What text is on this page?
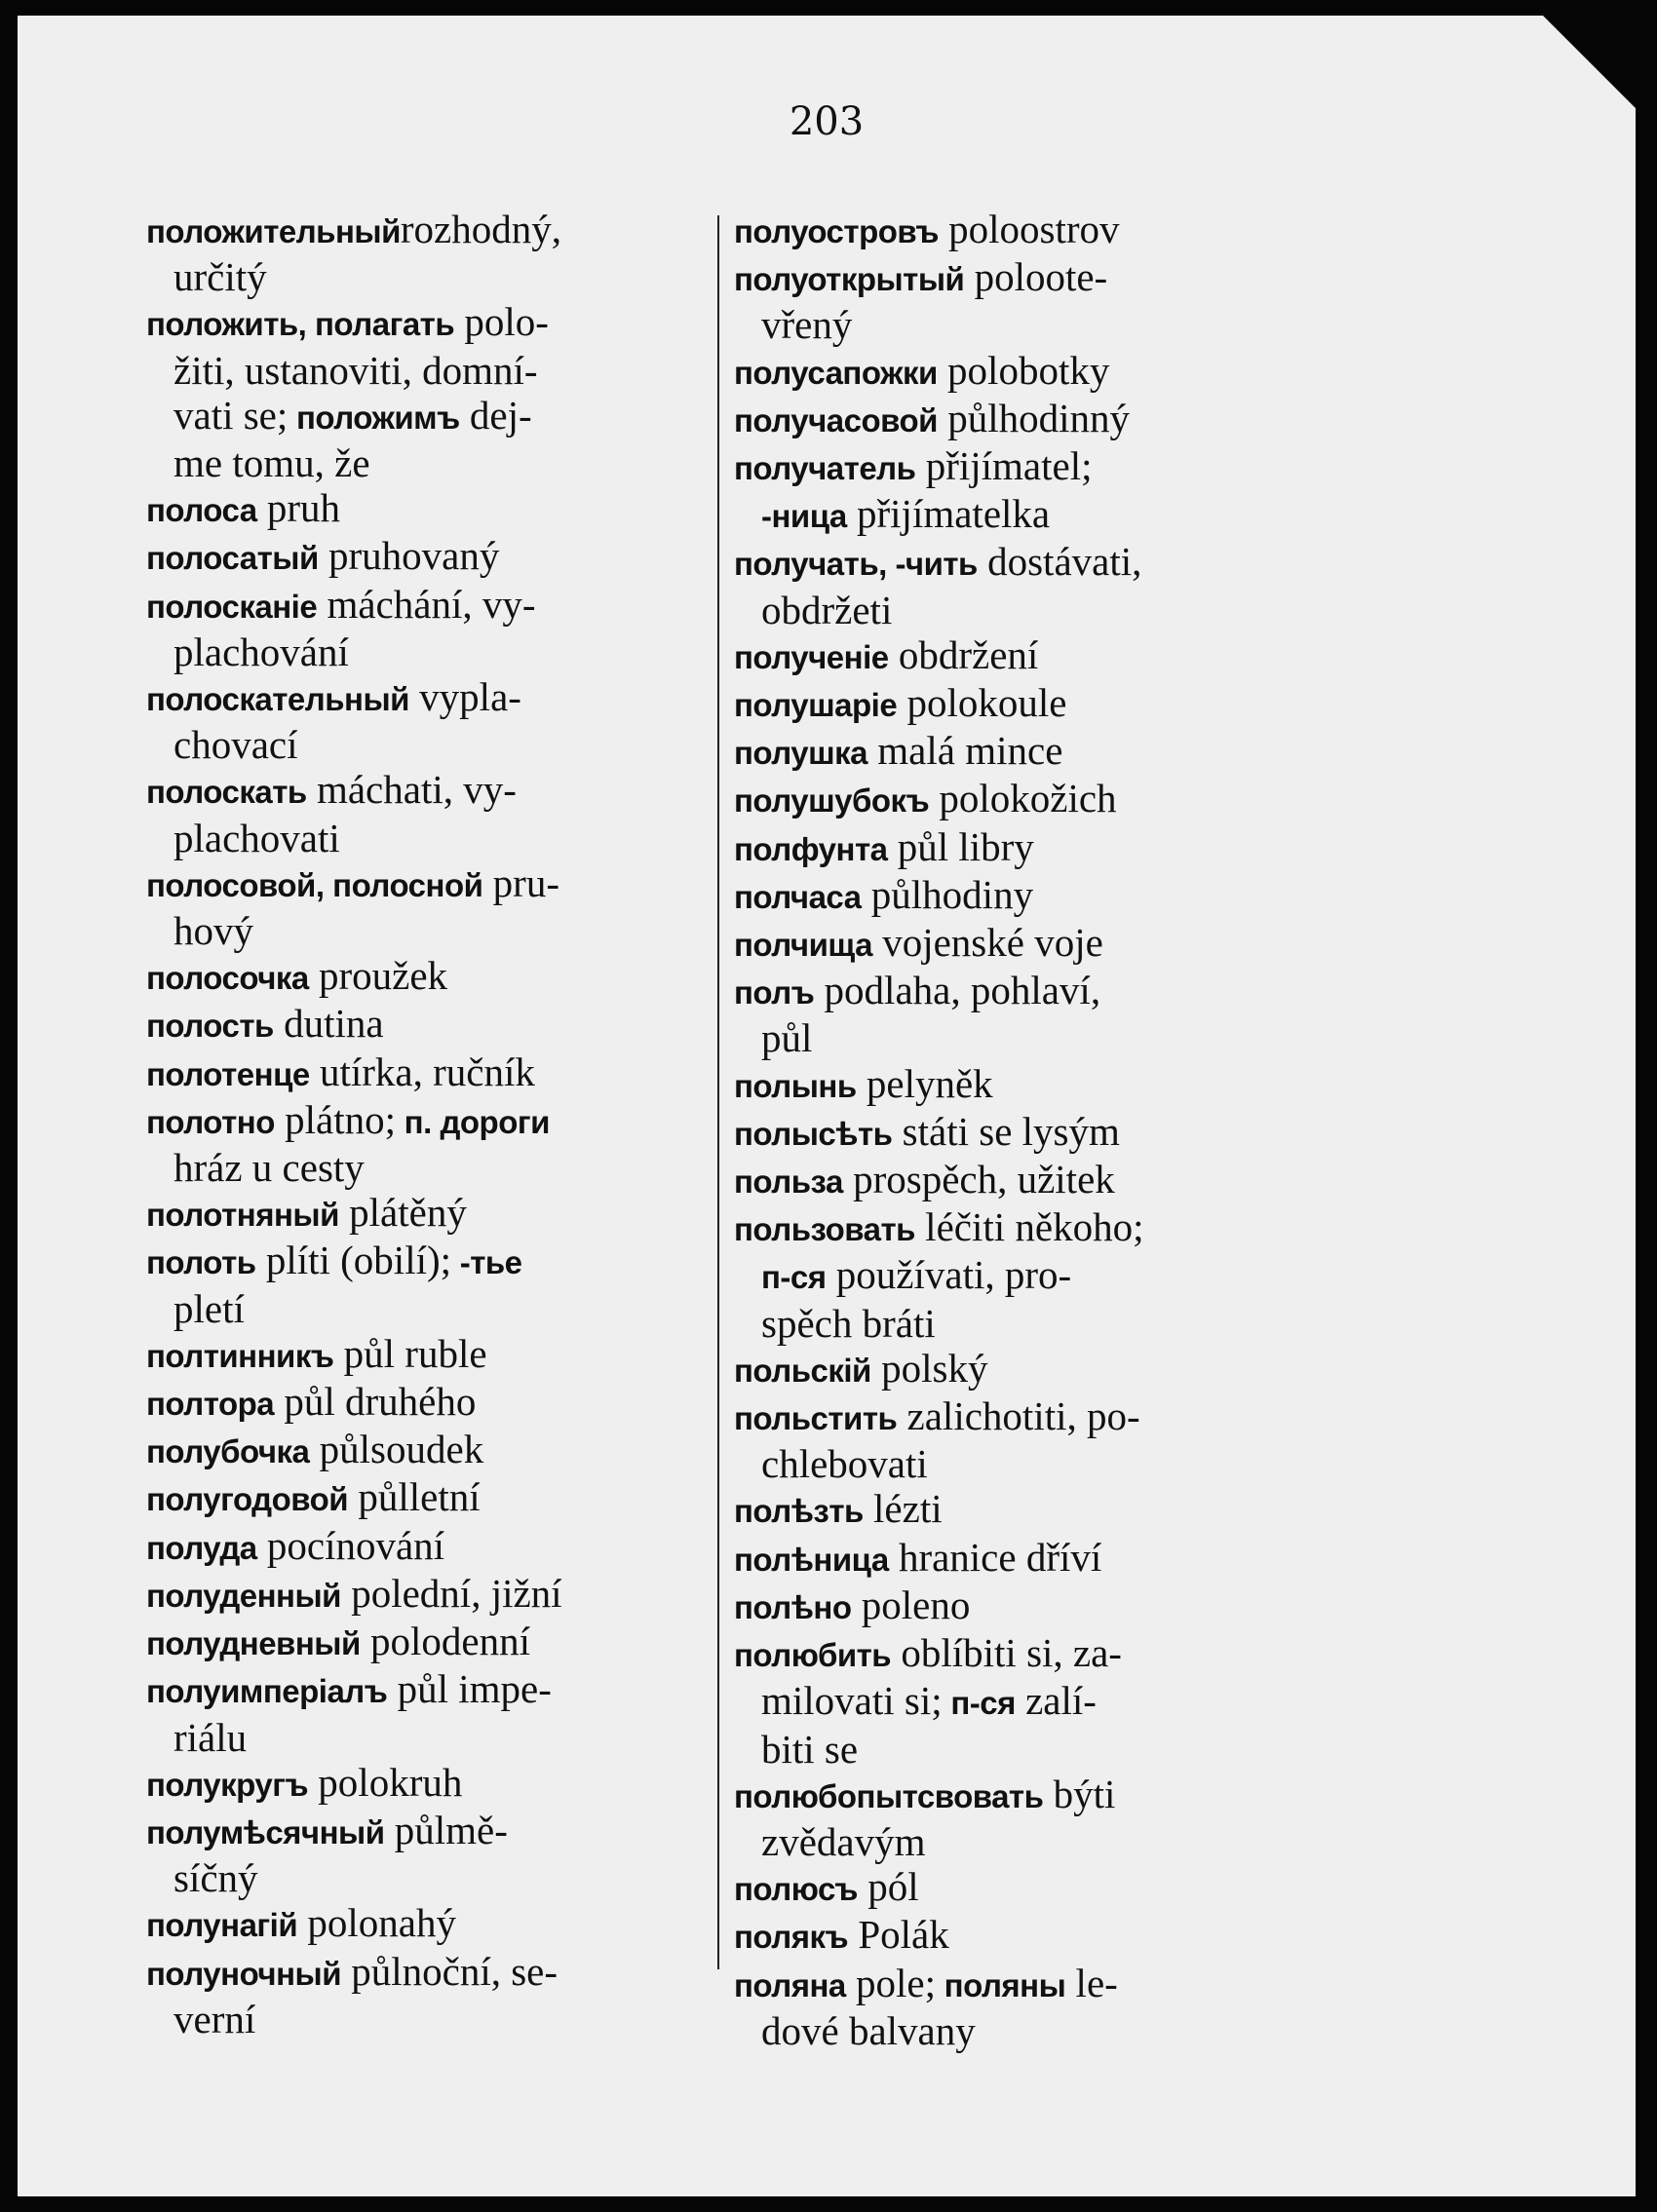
203
положительныйrozhodný,
určitý
положить, полагать polo-
žiti, ustanoviti, domní-
vati se; положимъ dej-
me tomu, že
полоса pruh
полосатый pruhovaný
полосканіе máchání, vy-
plachování
полоскательный vypla-
chovací
полоскать máchati, vy-
plachovati
полосовой, полосной pru-
hový
полосочка proužek
полость dutina
полотенце utírka, ručník
полотно plátno; п. дороги
hráz u cesty
полотняный plátěný
полоть plíti (obilí); -тье
pletí
полтинникъ půl ruble
полтора půl druhého
полубочка půlsoudek
полугодовой půlletní
полуда pocínování
полуденный polední, jižní
полудневный polodenní
полуимперіалъ půl impe-
riálu
полукругъ polokruh
полумѣсячный půlmě-
síčný
полунагій polonahý
полуночный půlnoční, se-
verní
полуостровъ poloostrov
полуоткрытый poloote-
vřený
полусапожки polobotky
получасовой půlhodinný
получатель přijímatel;
-ница přijímatelka
получать, -чить dostávati,
obdržeti
полученіе obdržení
полушаріе polokoule
полушка malá mince
полушубокъ polokožich
полфунта půl libry
полчаса půlhodiny
полчища vojenské voje
полъ podlaha, pohlaví,
půl
полынь pelyněk
полысѣть státi se lysým
польза prospěch, užitek
пользовать léčiti někoho;
п-ся používati, pro-
spěch bráti
польскій polský
польстить zalichotiti, po-
chlebovati
полѣзть lézti
полѣница hranice dříví
полѣно poleno
полюбить oblíbiti si, za-
milovati si; п-ся zalí-
biti se
полюбопытсвовать býti
zvědavým
полюсъ pól
полякъ Polák
поляна pole; поляны le-
dové balvany
